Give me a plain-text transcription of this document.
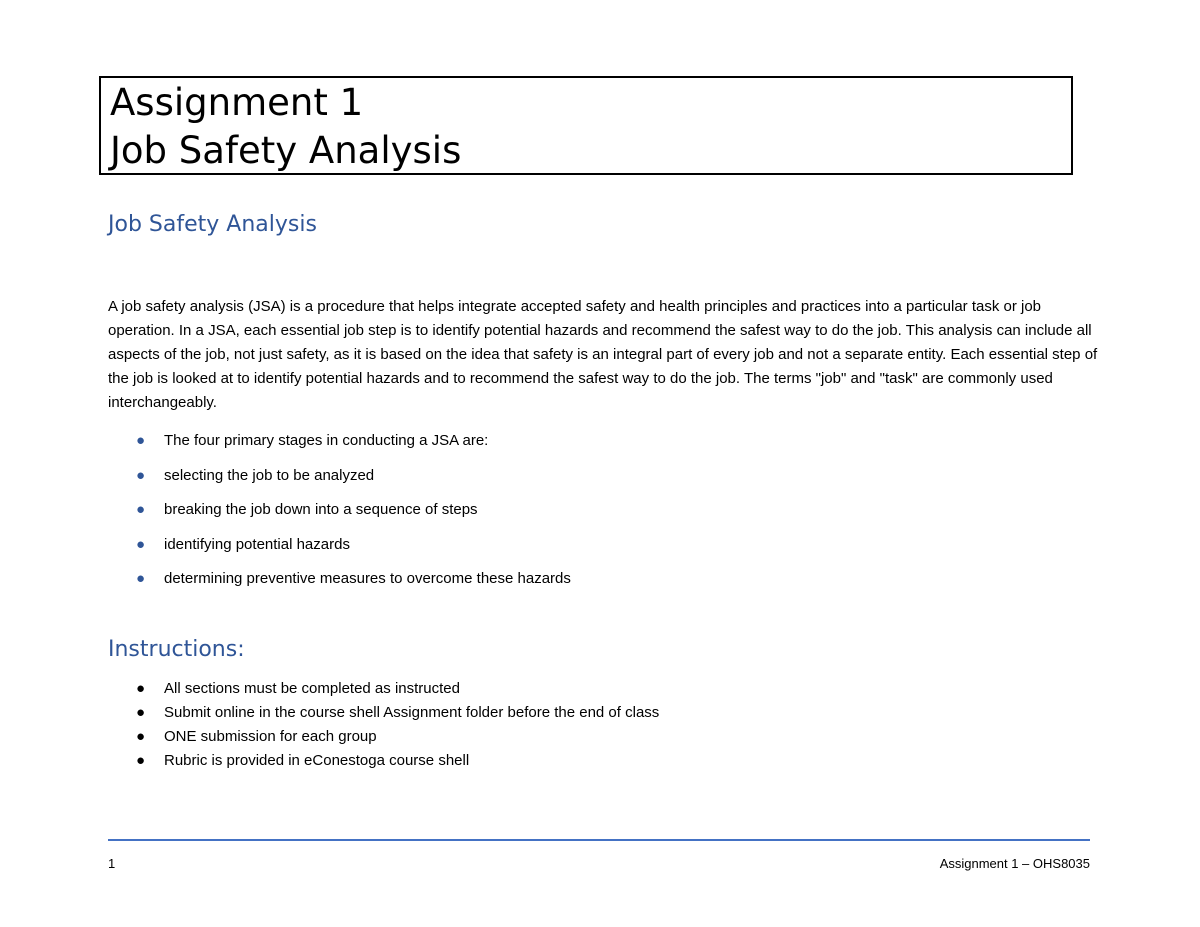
Assignment 1
Job Safety Analysis
Job Safety Analysis

A job safety analysis (JSA) is a procedure that helps integrate accepted safety and health principles and practices into a particular task or job operation. In a JSA, each essential job step is to identify potential hazards and recommend the safest way to do the job. This analysis can include all aspects of the job, not just safety, as it is based on the idea that safety is an integral part of every job and not a separate entity. Each essential step of the job is looked at to identify potential hazards and to recommend the safest way to do the job. The terms "job" and "task" are commonly used interchangeably.

● The four primary stages in conducting a JSA are:
● selecting the job to be analyzed
● breaking the job down into a sequence of steps
● identifying potential hazards
● determining preventive measures to overcome these hazards
Instructions:
● All sections must be completed as instructed
● Submit online in the course shell Assignment folder before the end of class
● ONE submission for each group
● Rubric is provided in eConestoga course shell
1	Assignment 1 – OHS8035
